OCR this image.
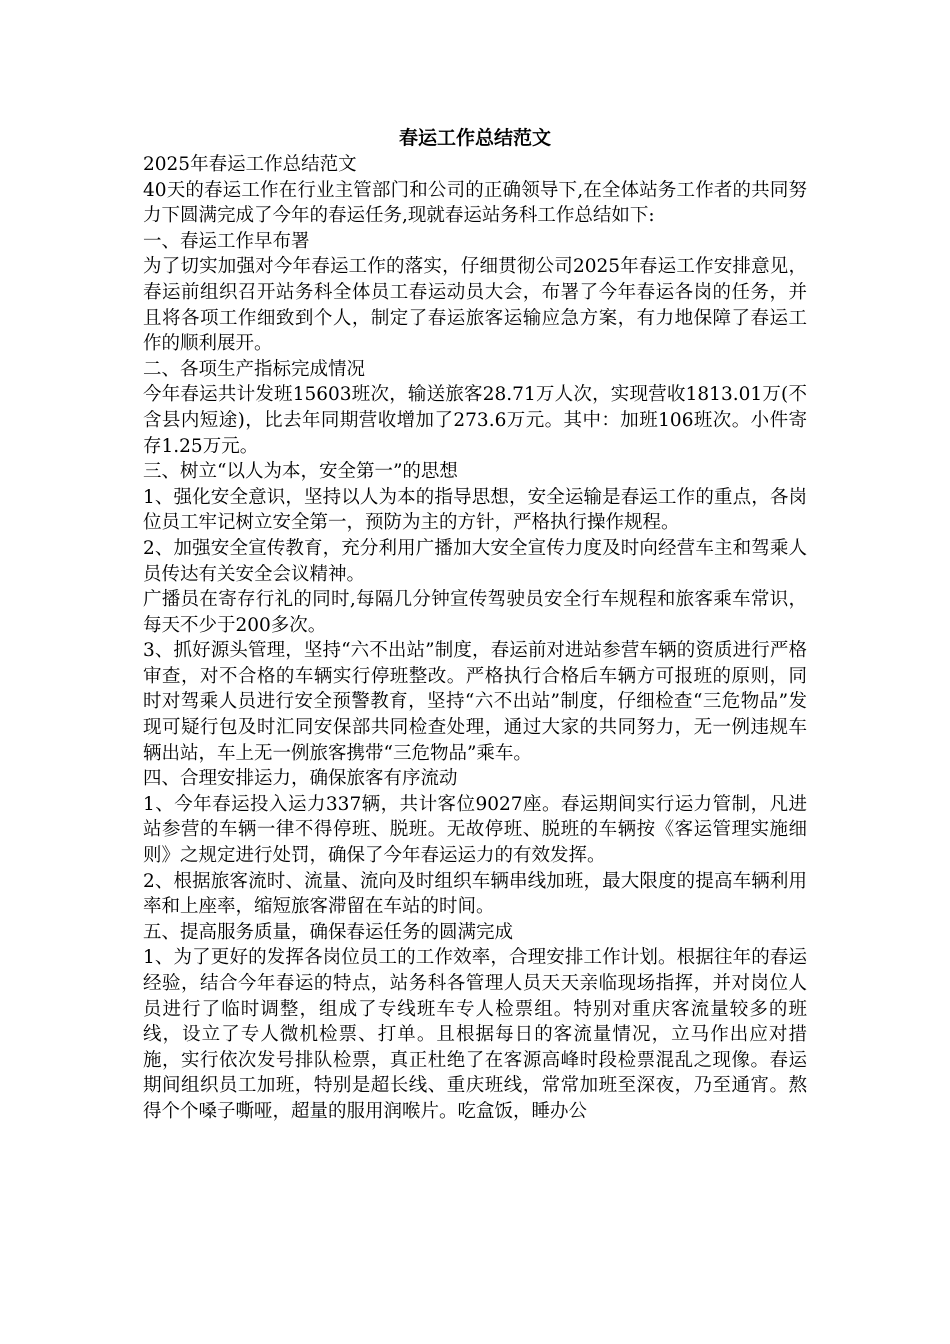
春运工作总结范文

2025年春运工作总结范文

40天的春运工作在行业主管部门和公司的正确领导下,在全体站务工作者的共同努力下圆满完成了今年的春运任务,现就春运站务科工作总结如下:

一、春运工作早布署

为了切实加强对今年春运工作的落实，仔细贯彻公司2025年春运工作安排意见，春运前组织召开站务科全体员工春运动员大会，布署了今年春运各岗的任务，并且将各项工作细致到个人，制定了春运旅客运输应急方案，有力地保障了春运工作的顺利展开。

二、各项生产指标完成情况

今年春运共计发班15603班次，输送旅客28.71万人次，实现营收1813.01万(不含县内短途)，比去年同期营收增加了273.6万元。其中：加班106班次。小件寄存1.25万元。

三、树立“以人为本，安全第一”的思想

1、强化安全意识，坚持以人为本的指导思想，安全运输是春运工作的重点，各岗位员工牢记树立安全第一，预防为主的方针，严格执行操作规程。

2、加强安全宣传教育，充分利用广播加大安全宣传力度及时向经营车主和驾乘人员传达有关安全会议精神。

广播员在寄存行礼的同时,每隔几分钟宣传驾驶员安全行车规程和旅客乘车常识，每天不少于200多次。

3、抓好源头管理，坚持“六不出站”制度，春运前对进站参营车辆的资质进行严格审查，对不合格的车辆实行停班整改。严格执行合格后车辆方可报班的原则，同时对驾乘人员进行安全预警教育，坚持“六不出站”制度，仔细检查“三危物品”发现可疑行包及时汇同安保部共同检查处理，通过大家的共同努力，无一例违规车辆出站，车上无一例旅客携带“三危物品”乘车。

四、合理安排运力，确保旅客有序流动

1、今年春运投入运力337辆，共计客位9027座。春运期间实行运力管制，凡进站参营的车辆一律不得停班、脱班。无故停班、脱班的车辆按《客运管理实施细则》之规定进行处罚，确保了今年春运运力的有效发挥。

2、根据旅客流时、流量、流向及时组织车辆串线加班，最大限度的提高车辆利用率和上座率，缩短旅客滞留在车站的时间。

五、提高服务质量，确保春运任务的圆满完成

1、为了更好的发挥各岗位员工的工作效率，合理安排工作计划。根据往年的春运经验，结合今年春运的特点，站务科各管理人员天天亲临现场指挥，并对岗位人员进行了临时调整，组成了专线班车专人检票组。特别对重庆客流量较多的班线，设立了专人微机检票、打单。且根据每日的客流量情况，立马作出应对措施，实行依次发号排队检票，真正杜绝了在客源高峰时段检票混乱之现像。春运期间组织员工加班，特别是超长线、重庆班线，常常加班至深夜，乃至通宵。熬得个个嗓子嘶哑，超量的服用润喉片。吃盒饭，睡办公
